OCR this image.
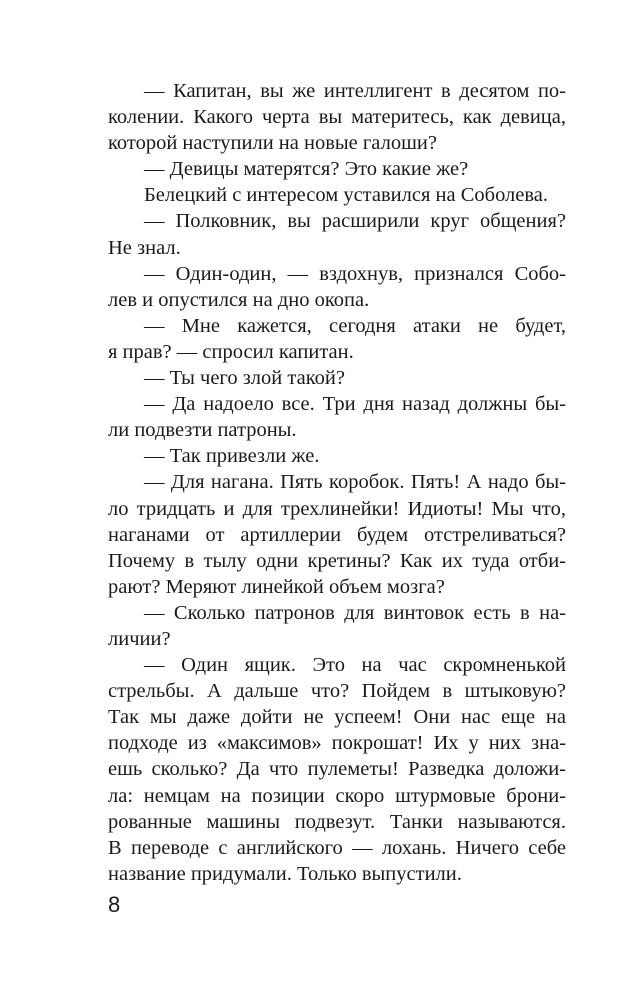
— Капитан, вы же интеллигент в десятом по-
колении. Какого черта вы материтесь, как девица,
которой наступили на новые галоши?
— Девицы матерятся? Это какие же?
Белецкий с интересом уставился на Соболева.
— Полковник, вы расширили круг общения?
Не знал.
— Один-один, — вздохнув, признался Собо-
лев и опустился на дно окопа.
— Мне кажется, сегодня атаки не будет,
я прав? — спросил капитан.
— Ты чего злой такой?
— Да надоело все. Три дня назад должны бы-
ли подвезти патроны.
— Так привезли же.
— Для нагана. Пять коробок. Пять! А надо бы-
ло тридцать и для трехлинейки! Идиоты! Мы что,
наганами от артиллерии будем отстреливаться?
Почему в тылу одни кретины? Как их туда отби-
рают? Меряют линейкой объем мозга?
— Сколько патронов для винтовок есть в на-
личии?
— Один ящик. Это на час скромненькой
стрельбы. А дальше что? Пойдем в штыковую?
Так мы даже дойти не успеем! Они нас еще на
подходе из «максимов» покрошат! Их у них зна-
ешь сколько? Да что пулеметы! Разведка доложи-
ла: немцам на позиции скоро штурмовые брони-
рованные машины подвезут. Танки называются.
В переводе с английского — лохань. Ничего себе
название придумали. Только выпустили.
8
